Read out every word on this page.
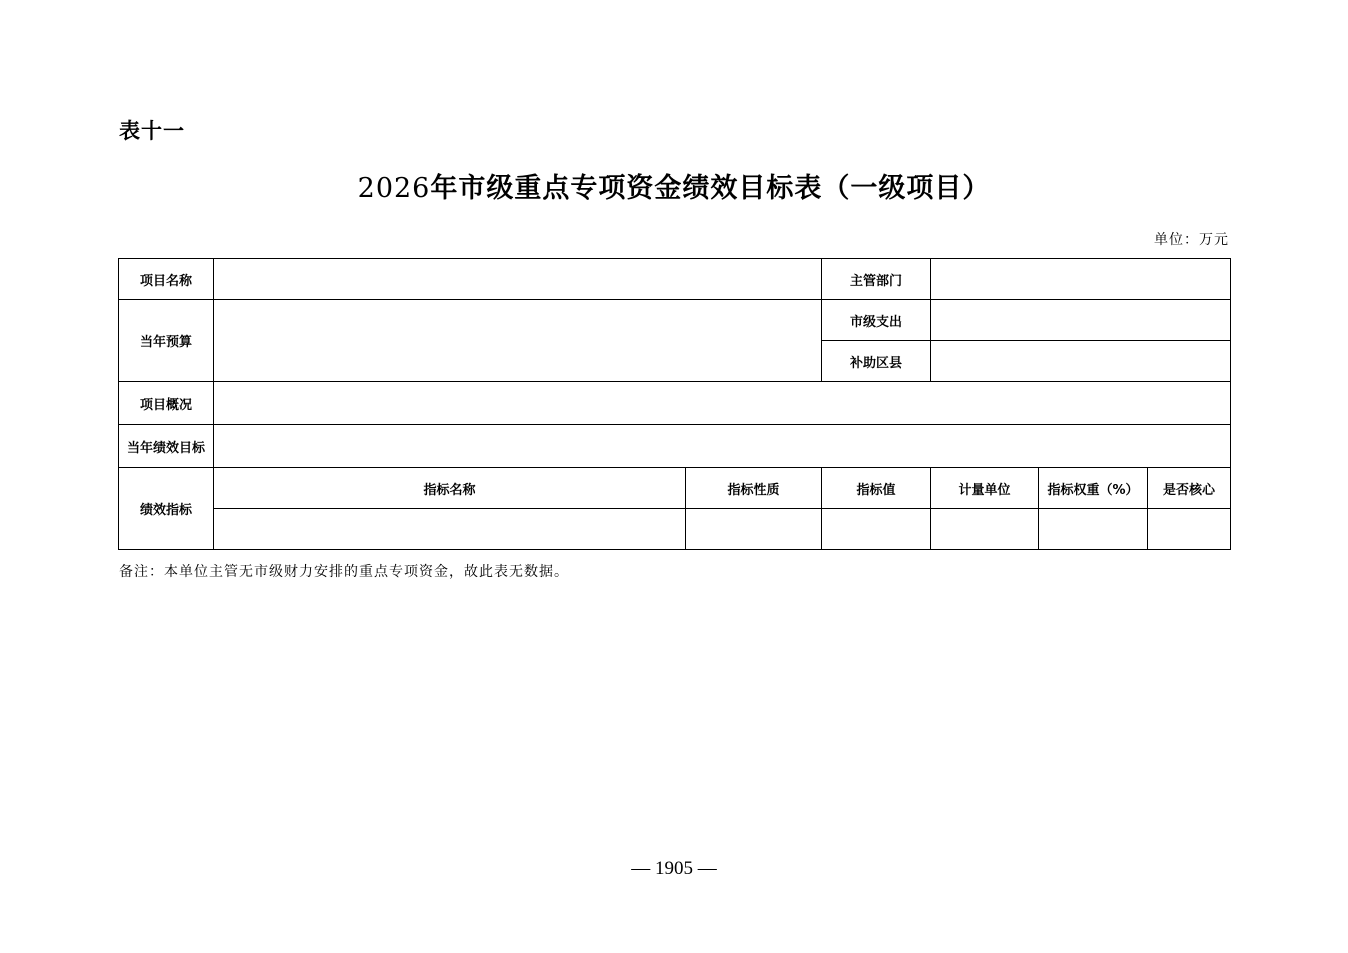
表十一
2026年市级重点专项资金绩效目标表（一级项目）
单位：万元
项目名称			主管部门			
当年预算			市级支出			
			补助区县			
项目概况						
当年绩效目标						
绩效指标	指标名称	指标性质	指标值	计量单位	指标权重（%）	是否核心

备注：本单位主管无市级财力安排的重点专项资金，故此表无数据。
— 1905 —
